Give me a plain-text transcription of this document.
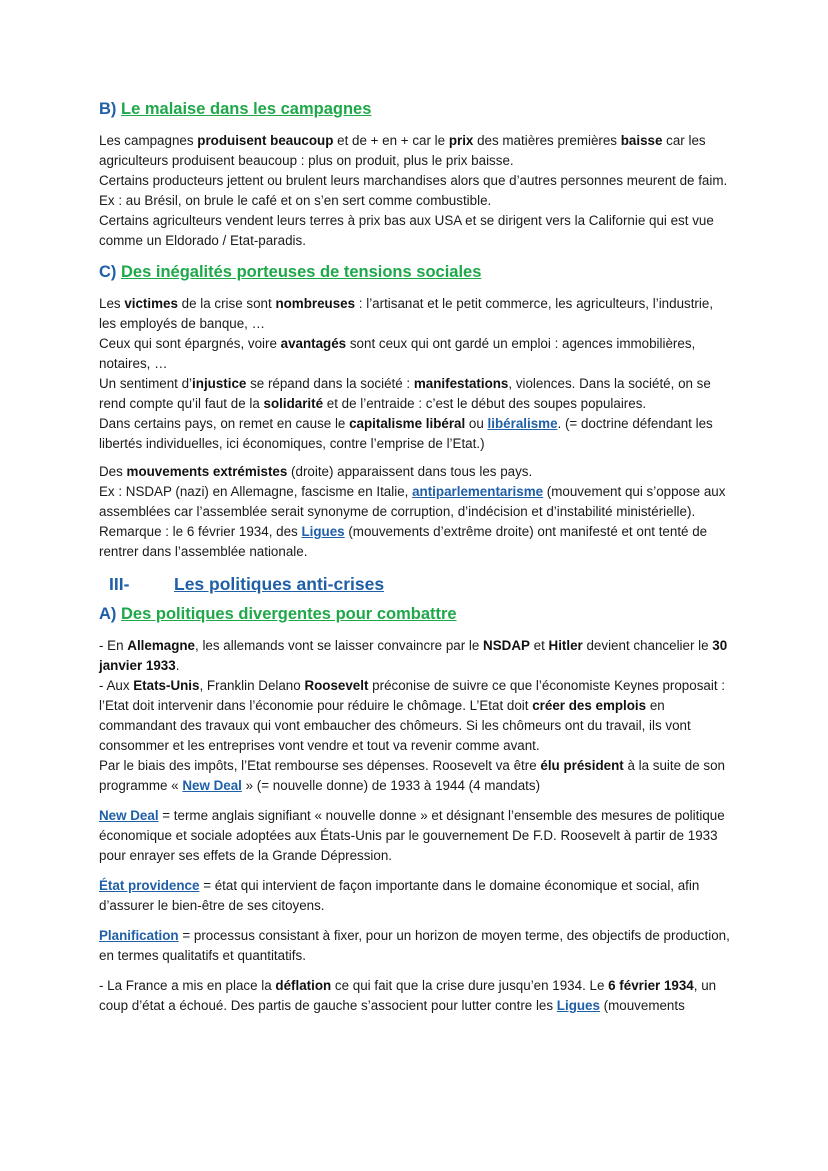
B) Le malaise dans les campagnes

Les campagnes produisent beaucoup et de + en + car le prix des matières premières baisse car les agriculteurs produisent beaucoup : plus on produit, plus le prix baisse.

Certains producteurs jettent ou brulent leurs marchandises alors que d’autres personnes meurent de faim. Ex : au Brésil, on brule le café et on s’en sert comme combustible.

Certains agriculteurs vendent leurs terres à prix bas aux USA et se dirigent vers la Californie qui est vue comme un Eldorado / Etat-paradis.

C) Des inégalités porteuses de tensions sociales

Les victimes de la crise sont nombreuses : l’artisanat et le petit commerce, les agriculteurs, l’industrie, les employés de banque, …

Ceux qui sont épargnés, voire avantagés sont ceux qui ont gardé un emploi : agences immobilières, notaires, …

Un sentiment d’injustice se répand dans la société : manifestations, violences. Dans la société, on se rend compte qu’il faut de la solidarité et de l’entraide : c’est le début des soupes populaires.

Dans certains pays, on remet en cause le capitalisme libéral ou libéralisme. (= doctrine défendant les libertés individuelles, ici économiques, contre l’emprise de l’Etat.)

Des mouvements extrémistes (droite) apparaissent dans tous les pays.

Ex : NSDAP (nazi) en Allemagne, fascisme en Italie, antiparlementarisme (mouvement qui s’oppose aux assemblées car l’assemblée serait synonyme de corruption, d’indécision et d’instabilité ministérielle).

Remarque : le 6 février 1934, des Ligues (mouvements d’extrême droite) ont manifesté et ont tenté de rentrer dans l’assemblée nationale.

III-	Les politiques anti-crises
A) Des politiques divergentes pour combattre

- En Allemagne, les allemands vont se laisser convaincre par le NSDAP et Hitler devient chancelier le 30 janvier 1933.

- Aux Etats-Unis, Franklin Delano Roosevelt préconise de suivre ce que l’économiste Keynes proposait : l’Etat doit intervenir dans l’économie pour réduire le chômage. L’Etat doit créer des emplois en commandant des travaux qui vont embaucher des chômeurs. Si les chômeurs ont du travail, ils vont consommer et les entreprises vont vendre et tout va revenir comme avant.

Par le biais des impôts, l’Etat rembourse ses dépenses. Roosevelt va être élu président à la suite de son programme « New Deal » (= nouvelle donne) de 1933 à 1944 (4 mandats)

New Deal = terme anglais signifiant « nouvelle donne » et désignant l’ensemble des mesures de politique économique et sociale adoptées aux États-Unis par le gouvernement De F.D. Roosevelt à partir de 1933 pour enrayer ses effets de la Grande Dépression.

État providence = état qui intervient de façon importante dans le domaine économique et social, afin d’assurer le bien-être de ses citoyens.

Planification = processus consistant à fixer, pour un horizon de moyen terme, des objectifs de production, en termes qualitatifs et quantitatifs.

- La France a mis en place la déflation ce qui fait que la crise dure jusqu’en 1934. Le 6 février 1934, un coup d’état a échoué. Des partis de gauche s’associent pour lutter contre les Ligues (mouvements
